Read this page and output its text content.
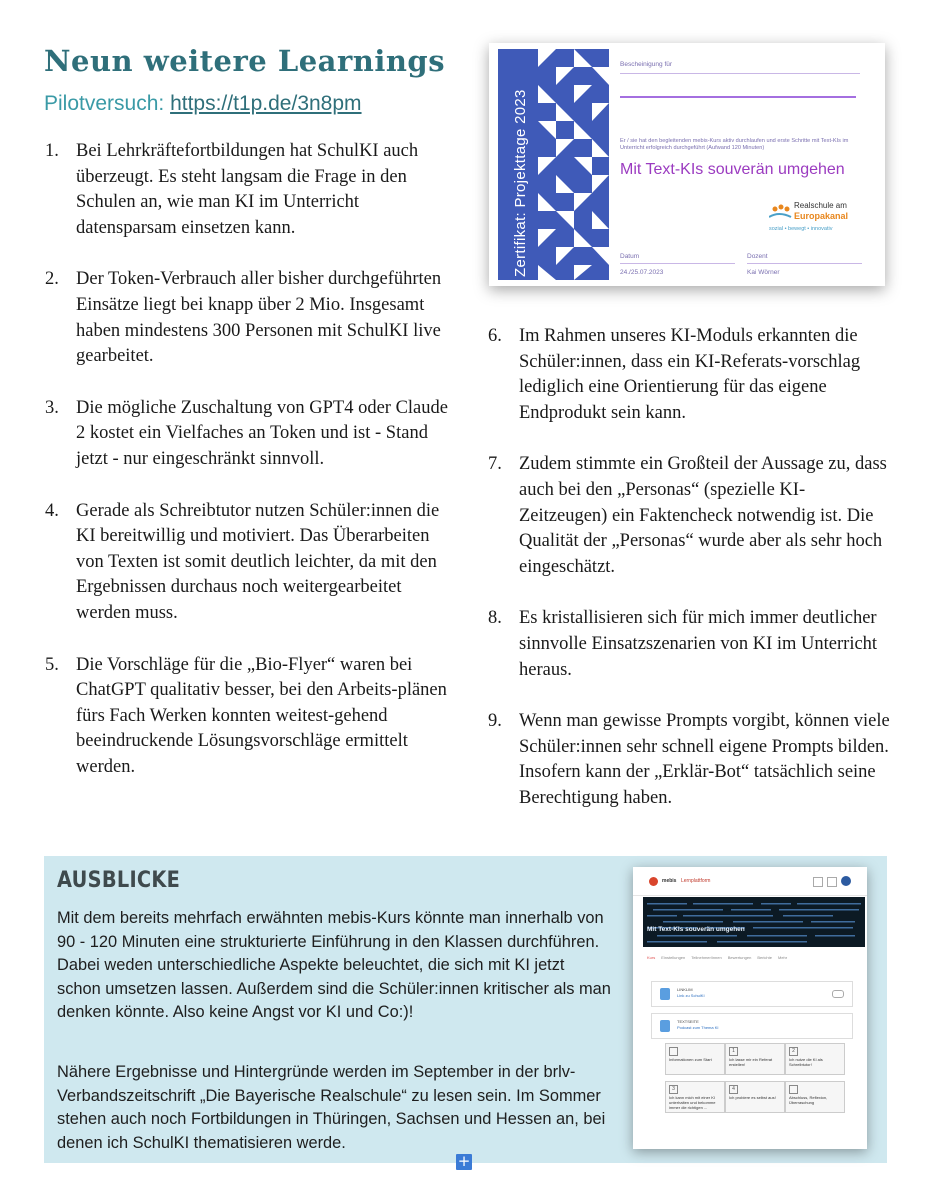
Neun weitere Learnings
Pilotversuch: https://t1p.de/3n8pm
1. Bei Lehrkräftefortbildungen hat SchulKI auch überzeugt. Es steht langsam die Frage in den Schulen an, wie man KI im Unterricht datensparsam einsetzen kann.
2. Der Token-Verbrauch aller bisher durchgeführten Einsätze liegt bei knapp über 2 Mio. Insgesamt haben mindestens 300 Personen mit SchulKI live gearbeitet.
3. Die mögliche Zuschaltung von GPT4 oder Claude 2 kostet ein Vielfaches an Token und ist - Stand jetzt - nur eingeschränkt sinnvoll.
4. Gerade als Schreibtutor nutzen Schüler:innen die KI bereitwillig und motiviert. Das Überarbeiten von Texten ist somit deutlich leichter, da mit den Ergebnissen durchaus noch weitergearbeitet werden muss.
5. Die Vorschläge für die „Bio-Flyer“ waren bei ChatGPT qualitativ besser, bei den Arbeits-plänen fürs Fach Werken konnten weitest-gehend beeindruckende Lösungsvorschläge ermittelt werden.
Zertifikat: Projekttage 2023
Bescheinigung für
Er / sie hat den begleitenden mebis-Kurs aktiv durchlaufen und erste Schritte mit Text-KIs im Unterricht erfolgreich durchgeführt (Aufwand 120 Minuten)
Mit Text-KIs souverän umgehen
Realschule am
Europakanal
sozial • bewegt • innovativ
Datum
24./25.07.2023
Dozent
Kai Wörner
6. Im Rahmen unseres KI-Moduls erkannten die Schüler:innen, dass ein KI-Referats-vorschlag lediglich eine Orientierung für das eigene Endprodukt sein kann.
7. Zudem stimmte ein Großteil der Aussage zu, dass auch bei den „Personas“ (spezielle KI-Zeitzeugen) ein Faktencheck notwendig ist. Die Qualität der „Personas“ wurde aber als sehr hoch eingeschätzt.
8. Es kristallisieren sich für mich immer deutlicher sinnvolle Einsatzszenarien von KI im Unterricht heraus.
9. Wenn man gewisse Prompts vorgibt, können viele Schüler:innen sehr schnell eigene Prompts bilden. Insofern kann der „Erklär-Bot“ tatsächlich seine Berechtigung haben.
AUSBLICKE

Mit dem bereits mehrfach erwähnten mebis-Kurs könnte man innerhalb von 90 - 120 Minuten eine strukturierte Einführung in den Klassen durchführen. Dabei weden unterschiedliche Aspekte beleuchtet, die sich mit KI jetzt schon umsetzen lassen. Außerdem sind die Schüler:innen kritischer als man denken könnte. Also keine Angst vor KI und Co:)!

Nähere Ergebnisse und Hintergründe werden im September in der brlv-Verbandszeitschrift „Die Bayerische Realschule“ zu lesen sein. Im Sommer stehen auch noch Fortbildungen in Thüringen, Sachsen und Hessen an, bei denen ich SchulKI thematisieren werde.

mebis Lernplattform
Mit Text-KIs souverän umgehen
Kurs Einstellungen Teilnehmer/innen Bewertungen Berichte Mehr
LINKLIM
Link zu SchulKI
TEXTSEITE
Podcast zum Thema KI
Informationen zum Start
1
Ich lasse mir ein Referat erstellen!
2
Ich nutze die KI als Schreibtutor!
3
Ich kann mich mit einer KI unterhalten und bekomme immer die richtigen ...
4
Ich probiere es selbst aus!	Abschluss, Reflexion, Überraschung
+
